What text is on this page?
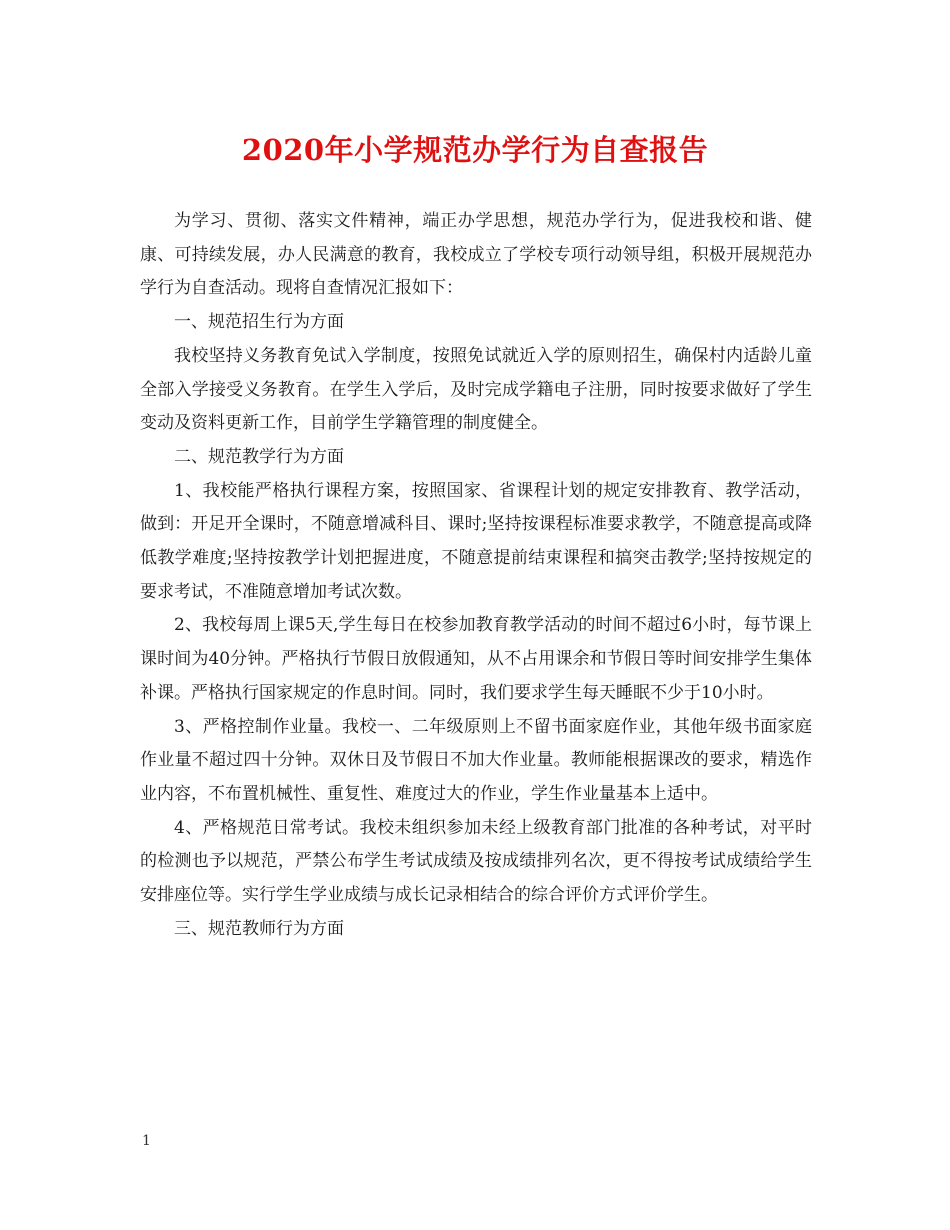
2020年小学规范办学行为自查报告

为学习、贯彻、落实文件精神，端正办学思想，规范办学行为，促进我校和谐、健康、可持续发展，办人民满意的教育，我校成立了学校专项行动领导组，积极开展规范办学行为自查活动。现将自查情况汇报如下：

一、规范招生行为方面

我校坚持义务教育免试入学制度，按照免试就近入学的原则招生，确保村内适龄儿童全部入学接受义务教育。在学生入学后，及时完成学籍电子注册，同时按要求做好了学生变动及资料更新工作，目前学生学籍管理的制度健全。

二、规范教学行为方面

1、我校能严格执行课程方案，按照国家、省课程计划的规定安排教育、教学活动，做到：开足开全课时，不随意增减科目、课时;坚持按课程标准要求教学，不随意提高或降低教学难度;坚持按教学计划把握进度，不随意提前结束课程和搞突击教学;坚持按规定的要求考试，不准随意增加考试次数。

2、我校每周上课5天,学生每日在校参加教育教学活动的时间不超过6小时，每节课上课时间为40分钟。严格执行节假日放假通知，从不占用课余和节假日等时间安排学生集体补课。严格执行国家规定的作息时间。同时，我们要求学生每天睡眠不少于10小时。

3、严格控制作业量。我校一、二年级原则上不留书面家庭作业，其他年级书面家庭作业量不超过四十分钟。双休日及节假日不加大作业量。教师能根据课改的要求，精选作业内容，不布置机械性、重复性、难度过大的作业，学生作业量基本上适中。

4、严格规范日常考试。我校未组织参加未经上级教育部门批准的各种考试，对平时的检测也予以规范，严禁公布学生考试成绩及按成绩排列名次，更不得按考试成绩给学生安排座位等。实行学生学业成绩与成长记录相结合的综合评价方式评价学生。

三、规范教师行为方面

1
